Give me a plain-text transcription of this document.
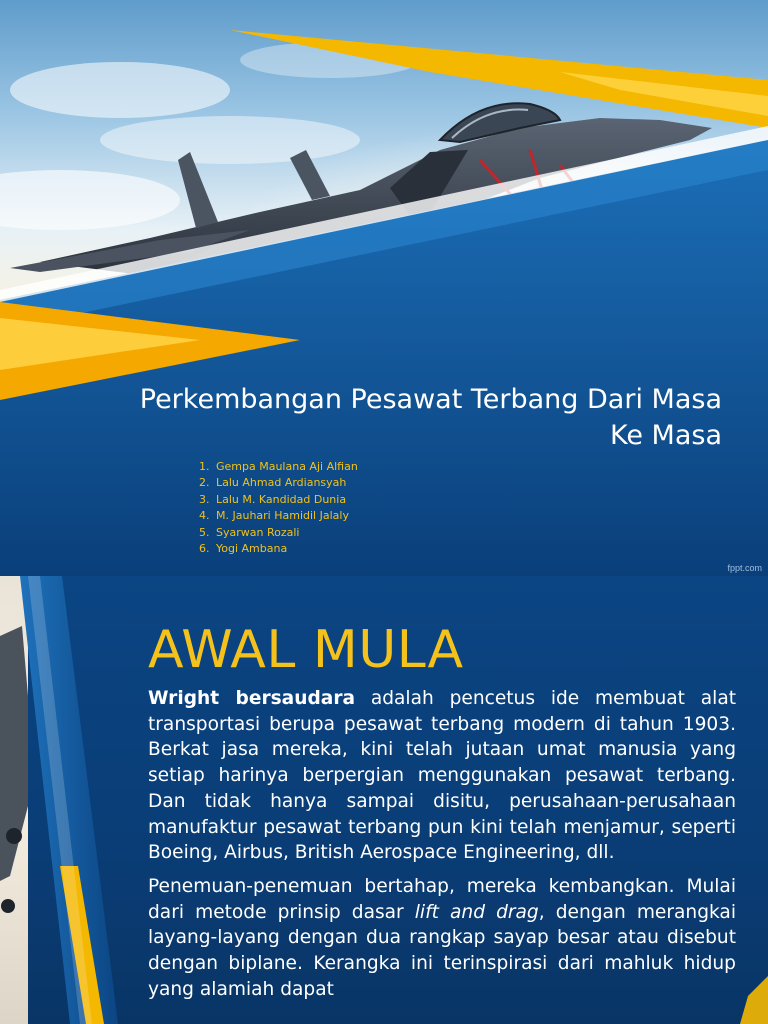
Perkembangan Pesawat Terbang Dari Masa Ke Masa
1. Gempa Maulana Aji Alfian
2. Lalu Ahmad Ardiansyah
3. Lalu M. Kandidad Dunia
4. M. Jauhari Hamidil Jalaly
5. Syarwan Rozali
6. Yogi Ambana
fppt.com
AWAL MULA

Wright bersaudara adalah pencetus ide membuat alat transportasi berupa pesawat terbang modern di tahun 1903. Berkat jasa mereka, kini telah jutaan umat manusia yang setiap harinya berpergian menggunakan pesawat terbang. Dan tidak hanya sampai disitu, perusahaan-perusahaan manufaktur pesawat terbang pun kini telah menjamur, seperti Boeing, Airbus, British Aerospace Engineering, dll.

Penemuan-penemuan bertahap, mereka kembangkan. Mulai dari metode prinsip dasar lift and drag, dengan merangkai layang-layang dengan dua rangkap sayap besar atau disebut dengan biplane. Kerangka ini terinspirasi dari mahluk hidup yang alamiah dapat
